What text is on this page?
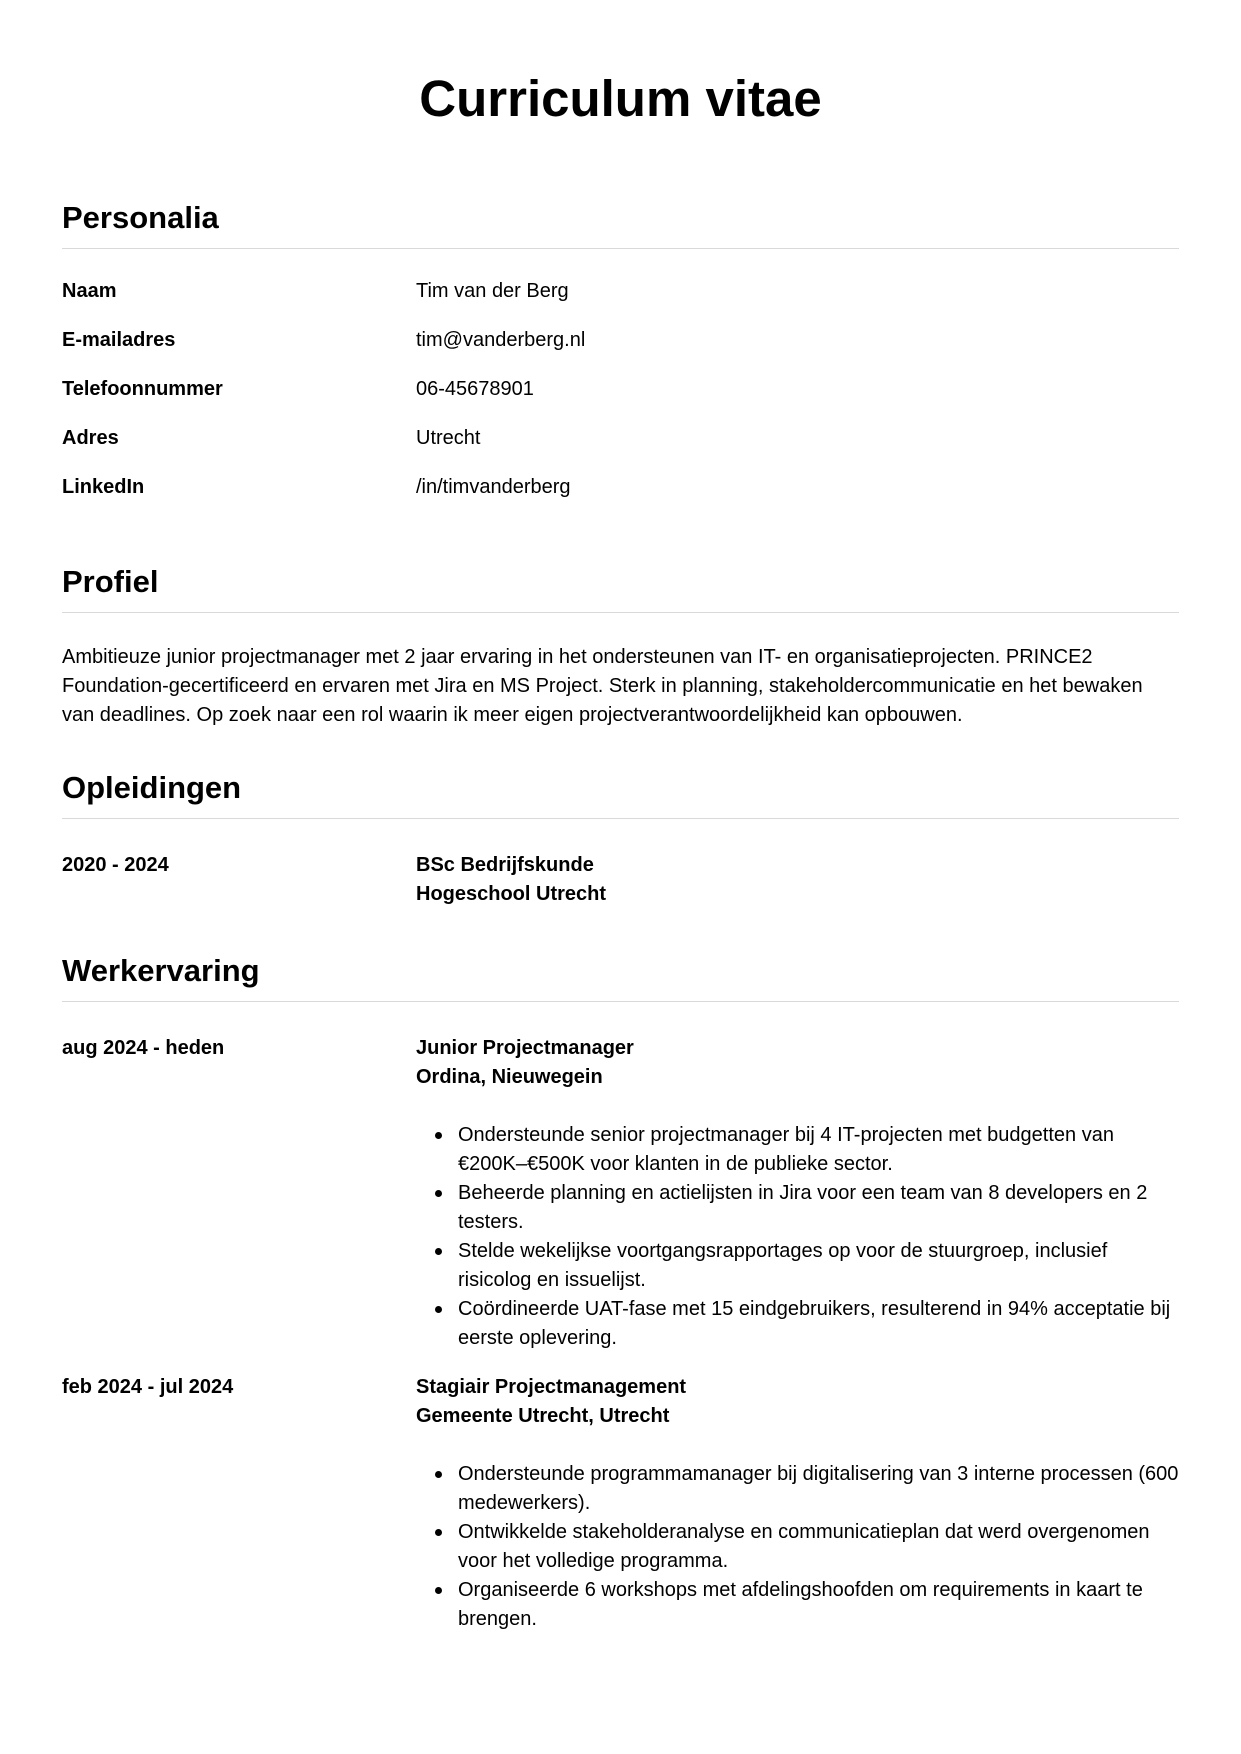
Curriculum vitae
Personalia
Naam	Tim van der Berg
E-mailadres	tim@vanderberg.nl
Telefoonnummer	06-45678901
Adres	Utrecht
LinkedIn	/in/timvanderberg
Profiel

Ambitieuze junior projectmanager met 2 jaar ervaring in het ondersteunen van IT- en organisatieprojecten. PRINCE2 Foundation-gecertificeerd en ervaren met Jira en MS Project. Sterk in planning, stakeholdercommunicatie en het bewaken van deadlines. Op zoek naar een rol waarin ik meer eigen projectverantwoordelijkheid kan opbouwen.

Opleidingen
2020 - 2024	BSc Bedrijfskunde
Hogeschool Utrecht
Werkervaring
aug 2024 - heden	Junior Projectmanager
Ordina, Nieuwegein
Ondersteunde senior projectmanager bij 4 IT-projecten met budgetten van €200K–€500K voor klanten in de publieke sector.
Beheerde planning en actielijsten in Jira voor een team van 8 developers en 2 testers.
Stelde wekelijkse voortgangsrapportages op voor de stuurgroep, inclusief risicolog en issuelijst.
Coördineerde UAT-fase met 15 eindgebruikers, resulterend in 94% acceptatie bij eerste oplevering.
feb 2024 - jul 2024	Stagiair Projectmanagement
Gemeente Utrecht, Utrecht
Ondersteunde programmamanager bij digitalisering van 3 interne processen (600 medewerkers).
Ontwikkelde stakeholderanalyse en communicatieplan dat werd overgenomen voor het volledige programma.
Organiseerde 6 workshops met afdelingshoofden om requirements in kaart te brengen.
